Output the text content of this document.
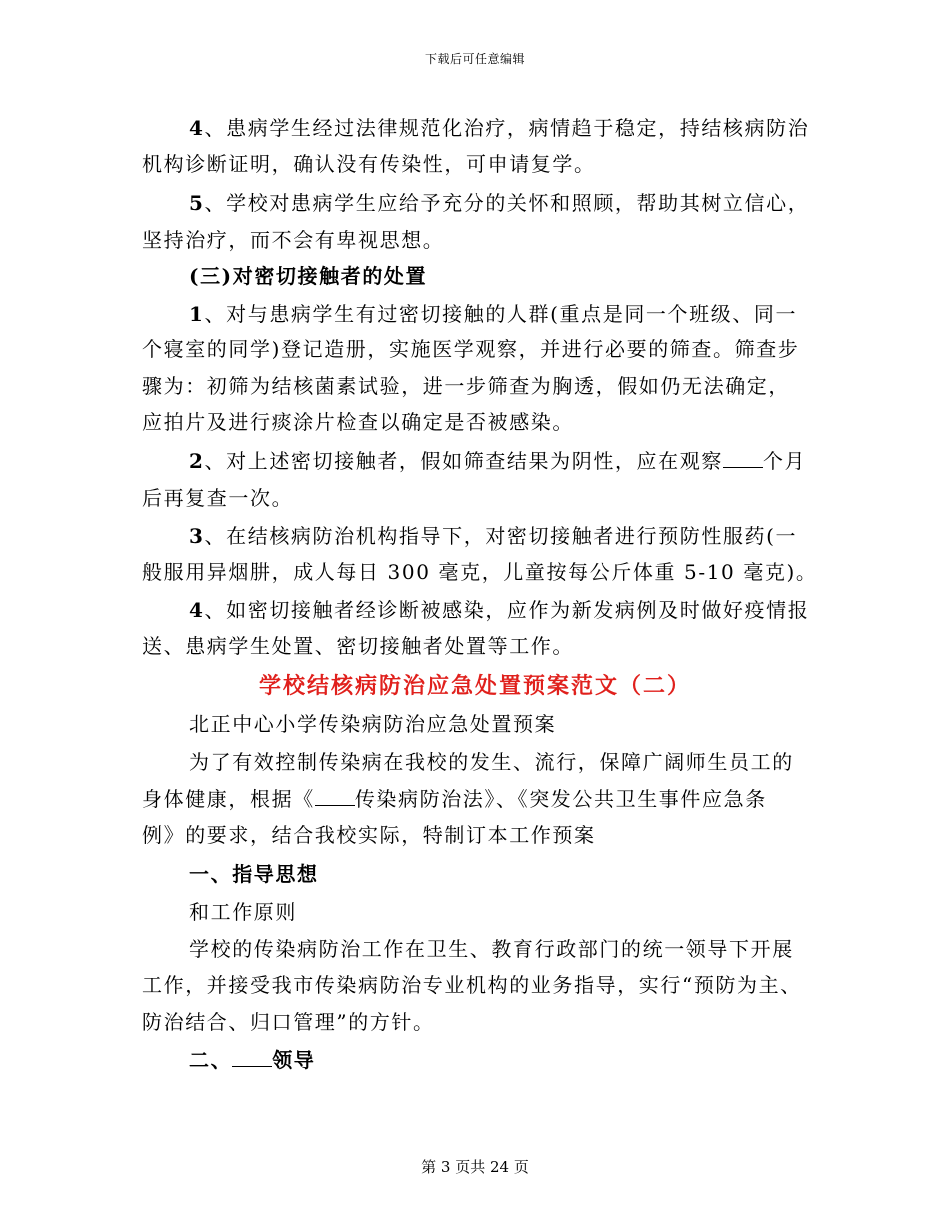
下载后可任意编辑
4、患病学生经过法律规范化治疗，病情趋于稳定，持结核病防治
机构诊断证明，确认没有传染性，可申请复学。
5、学校对患病学生应给予充分的关怀和照顾，帮助其树立信心，
坚持治疗，而不会有卑视思想。
(三)对密切接触者的处置
1、对与患病学生有过密切接触的人群(重点是同一个班级、同一
个寝室的同学)登记造册，实施医学观察，并进行必要的筛查。筛查步
骤为：初筛为结核菌素试验，进一步筛查为胸透，假如仍无法确定，
应拍片及进行痰涂片检查以确定是否被感染。
2、对上述密切接触者，假如筛查结果为阴性，应在观察 个月
后再复查一次。
3、在结核病防治机构指导下，对密切接触者进行预防性服药(一
般服用异烟肼，成人每日 300 毫克，儿童按每公斤体重 5-10 毫克)。
4、如密切接触者经诊断被感染，应作为新发病例及时做好疫情报
送、患病学生处置、密切接触者处置等工作。
学校结核病防治应急处置预案范文（二）
北正中心小学传染病防治应急处置预案
为了有效控制传染病在我校的发生、流行，保障广阔师生员工的
身体健康，根据《 传染病防治法》、《突发公共卫生事件应急条
例》的要求，结合我校实际，特制订本工作预案
一、指导思想
和工作原则
学校的传染病防治工作在卫生、教育行政部门的统一领导下开展
工作，并接受我市传染病防治专业机构的业务指导，实行“预防为主、
防治结合、归口管理”的方针。
二、 领导
第 3 页共 24 页
